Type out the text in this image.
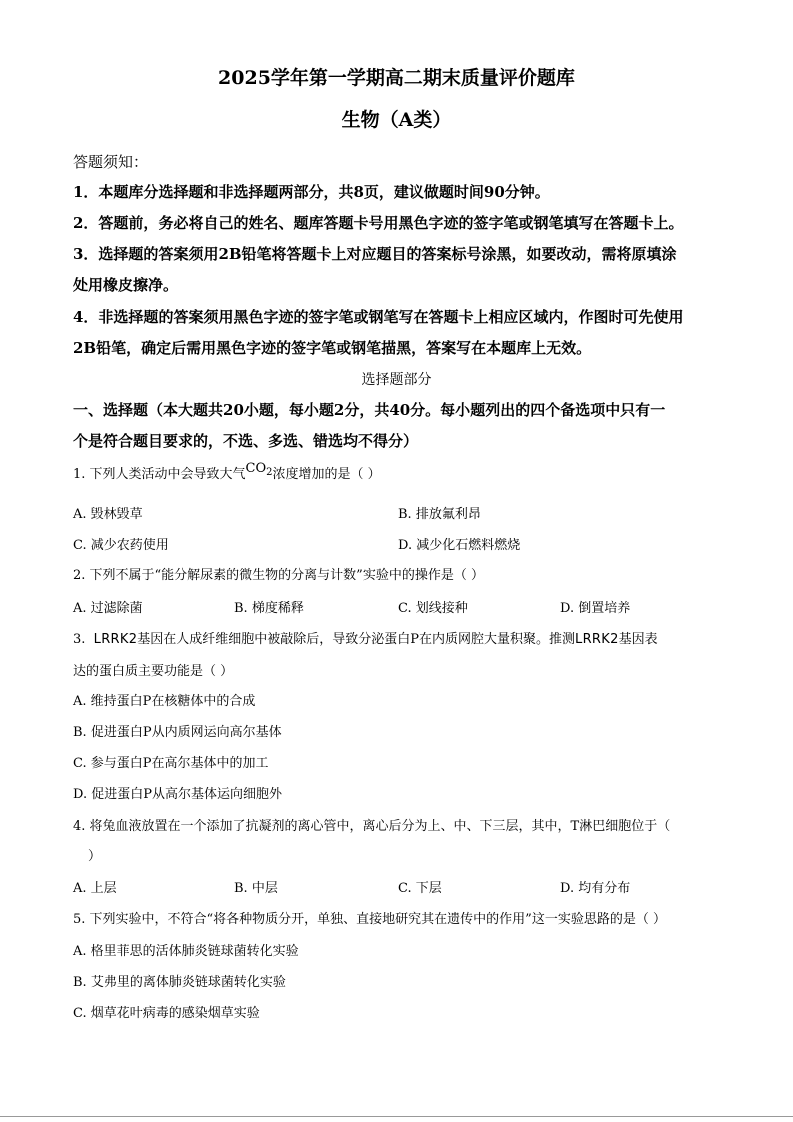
2025学年第一学期高二期末质量评价题库
生物（A类）
答题须知：
1．本题库分选择题和非选择题两部分，共8页，建议做题时间90分钟。
2．答题前，务必将自己的姓名、题库答题卡号用黑色字迹的签字笔或钢笔填写在答题卡上。
3．选择题的答案须用2B铅笔将答题卡上对应题目的答案标号涂黑，如要改动，需将原填涂
处用橡皮擦净。
4．非选择题的答案须用黑色字迹的签字笔或钢笔写在答题卡上相应区域内，作图时可先使用
2B铅笔，确定后需用黑色字迹的签字笔或钢笔描黑，答案写在本题库上无效。
选择题部分
一、选择题（本大题共20小题，每小题2分，共40分。每小题列出的四个备选项中只有一
个是符合题目要求的，不选、多选、错选均不得分）
1. 下列人类活动中会导致大气$CO_2$浓度增加的是（ ）
A. 毁林毁草	B. 排放氟利昂
C. 减少农药使用	D. 减少化石燃料燃烧
2. 下列不属于“能分解尿素的微生物的分离与计数”实验中的操作是（ ）
A. 过滤除菌	B. 梯度稀释	C. 划线接种	D. 倒置培养
3. LRRK2基因在人成纤维细胞中被敲除后，导致分泌蛋白P在内质网腔大量积聚。推测LRRK2基因表
达的蛋白质主要功能是（ ）
A. 维持蛋白P在核糖体中的合成
B. 促进蛋白P从内质网运向高尔基体
C. 参与蛋白P在高尔基体中的加工
D. 促进蛋白P从高尔基体运向细胞外
4. 将兔血液放置在一个添加了抗凝剂的离心管中，离心后分为上、中、下三层，其中，T淋巴细胞位于（
）
A. 上层	B. 中层	C. 下层	D. 均有分布
5. 下列实验中，不符合“将各种物质分开，单独、直接地研究其在遗传中的作用”这一实验思路的是（ ）
A. 格里菲思的活体肺炎链球菌转化实验
B. 艾弗里的离体肺炎链球菌转化实验
C. 烟草花叶病毒的感染烟草实验
